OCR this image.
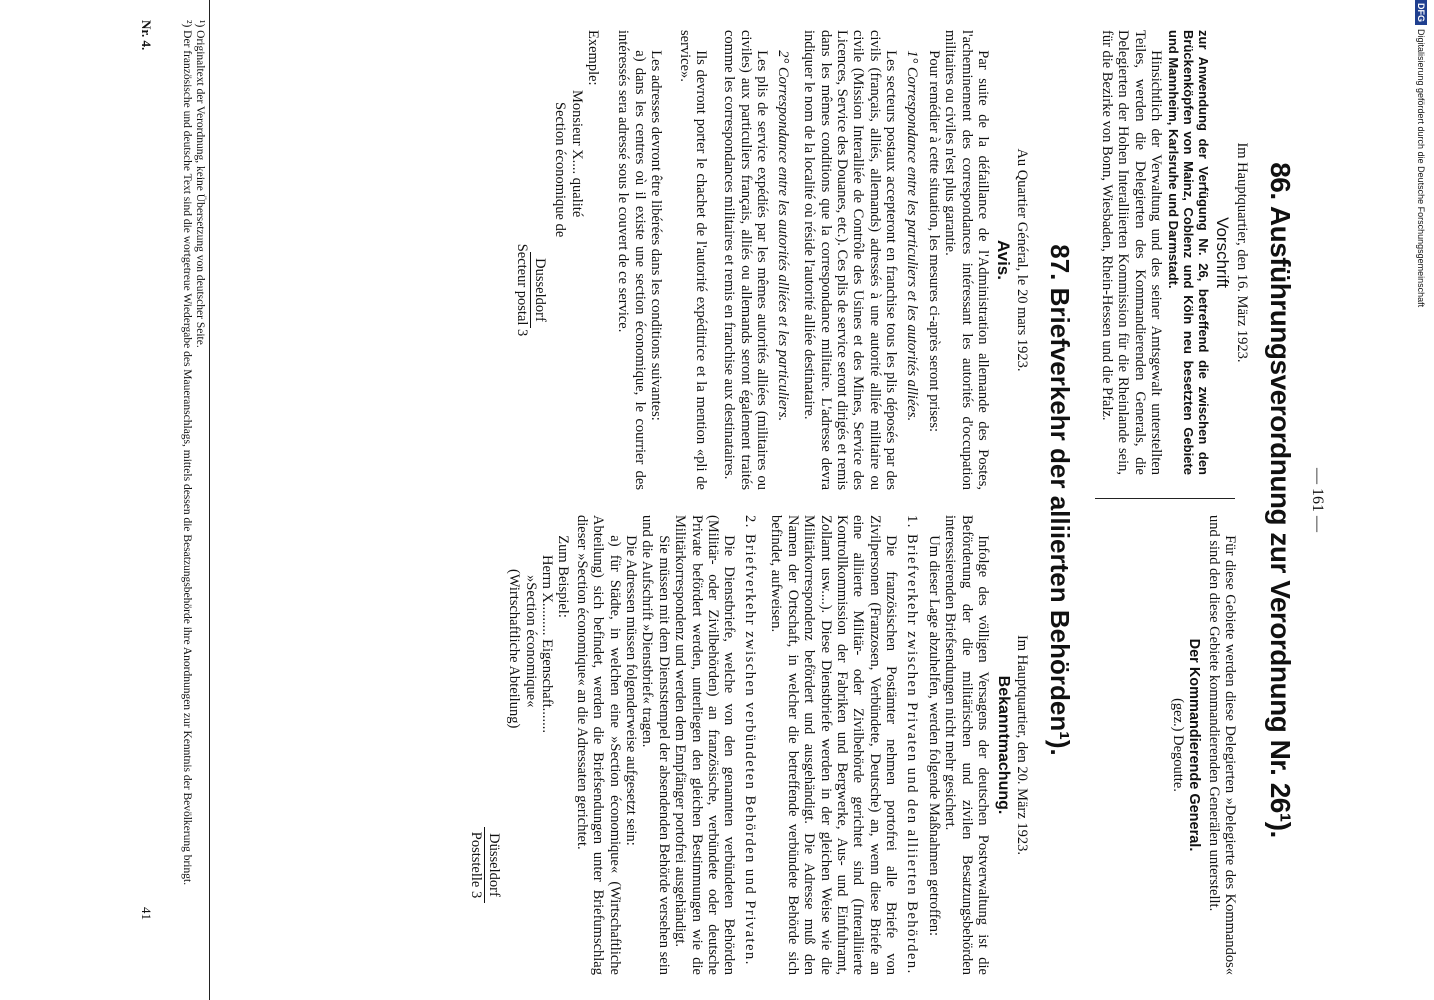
DFG
Digitalisierung gefördert durch die Deutsche Forschungsgemeinschaft
— 161 —
86. Ausführungsverordnung zur Verordnung Nr. 26¹).

Im Hauptquartier, den 16. März 1923.

Vorschrift

zur Anwendung der Verfügung Nr. 26, betreffend die zwischen den Brückenköpfen von Mainz, Coblenz und Köln neu besetzten Gebiete und Mannheim, Karlsruhe und Darmstadt.

Hinsichtlich der Verwaltung und des seiner Amtsgewalt unterstellten Teiles, werden die Delegierten des Kommandierenden Generals, die Delegierten der Hohen Interalliierten Kommission für die Rheinlande sein, für die Bezirke von Bonn, Wiesbaden, Rhein-Hessen und die Pfalz.

Für diese Gebiete werden diese Delegierten »Delegierte des Kommandos« und sind den diese Gebiete kommandierenden Generälen unterstellt.

Der Kommandierende General.

(gez.) Degoutte.

87. Briefverkehr der alliierten Behörden¹).

Au Quartier Général, le 20 mars 1923.

Avis.

Par suite de la défaillance de l'Administration allemande des Postes, l'acheminement des correspondances intéressant les autorités d'occupation militaires ou civiles n'est plus garantie.

Pour remédier à cette situation, les mesures ci-après seront prises:

1° Correspondance entre les particuliers et les autorités alliées.

Les secteurs postaux accepteront en franchise tous les plis déposés par des civils (français, alliés, allemands) adressés à une autorité alliée militaire ou civile (Mission Interalliée de Contrôle des Usines et des Mines, Service des Licences, Service des Douanes, etc.). Ces plis de service seront dirigés et remis dans les mêmes conditions que la correspondance militaire. L'adresse devra indiquer le nom de la localité où réside l'autorité alliée destinataire.

2° Correspondance entre les autorités alliées et les particuliers.

Les plis de service expédiés par les mêmes autorités alliées (militaires ou civiles) aux particuliers français, alliés ou allemands seront également traités comme les correspondances militaires et remis en franchise aux destinataires.

Ils devront porter le chachet de l'autorité expéditrice et la mention «pli de service».

Les adresses devront être libérées dans les conditions suivantes:

a) dans les centres où il existe une section économique, le courrier des intéressés sera adressé sous le couvert de ce service.

Exemple:

Monsieur X.... qualité
Section économique de
Dusseldorf
Secteur postal 3

Im Hauptquartier, den 20. März 1923.

Bekanntmachung.

Infolge des völligen Versagens der deutschen Postverwaltung ist die Beförderung der die militärischen und zivilen Besatzungsbehörden interessierenden Briefsendungen nicht mehr gesichert.

Um dieser Lage abzuhelfen, werden folgende Maßnahmen getroffen:

1. Briefverkehr zwischen Privaten und den alliierten Behörden.

Die französischen Postämter nehmen portofrei alle Briefe von Zivilpersonen (Franzosen, Verbündete, Deutsche) an, wenn diese Briefe an eine alliierte Militär- oder Zivilbehörde gerichtet sind (Interalliierte Kontrollkommission der Fabriken und Bergwerke, Aus- und Einfuhramt, Zollamt usw....). Diese Dienstbriefe werden in der gleichen Weise wie die Militärkorrespondenz befördert und ausgehändigt. Die Adresse muß den Namen der Ortschaft, in welcher die betreffende verbündete Behörde sich befindet, aufweisen.

2. Briefverkehr zwischen verbündeten Behörden und Privaten.

Die Dienstbriefe, welche von den genannten verbündeten Behörden (Militär- oder Zivilbehörden) an französische, verbündete oder deutsche Private befördert werden, unterliegen den gleichen Bestimmungen wie die Militärkorrespondenz und werden dem Empfänger portofrei ausgehändigt.

Sie müssen mit dem Dienststempel der absendenden Behörde versehen sein und die Aufschrift »Dienstbrief« tragen.

Die Adressen müssen folgenderweise aufgesetzt sein:

a) für Städte, in welchen eine »Section économique« (Wirtschaftliche Abteilung) sich befindet, werden die Briefsendungen unter Briefumschlag dieser »Section économique« an die Adressaten gerichtet.

Zum Beispiel:

Herrn X......... Eigenschaft.......
»Section économique«
(Wirtschaftliche Abteilung)
Düsseldorf
Poststelle 3

¹) Originaltext der Verordnung, keine Übersetzung von deutscher Seite.

²) Der französische und deutsche Text sind die wortgetreue Wiedergabe des Maueranschlags, mittels dessen die Besatzungsbehörde ihre Anordnungen zur Kenntnis der Bevölkerung bringt.

Nr. 4.
41
